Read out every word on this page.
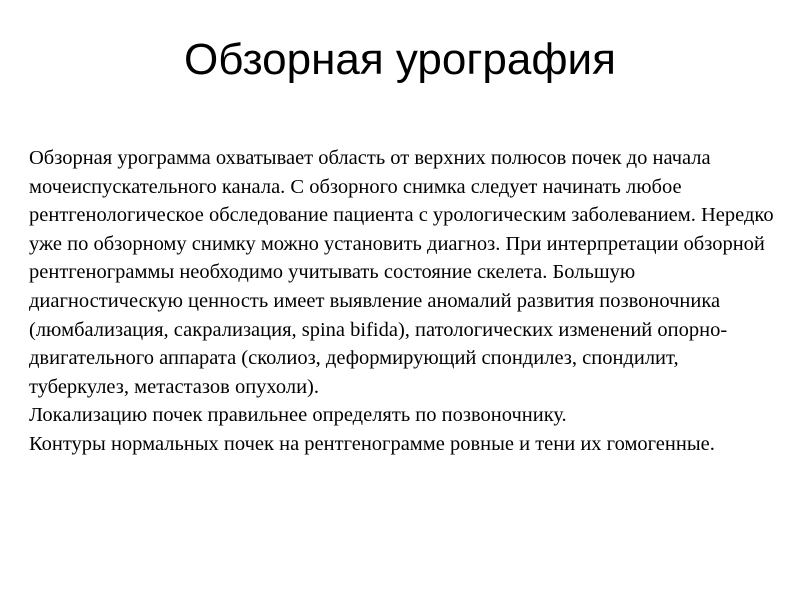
Обзорная урография

Обзорная урограмма охватывает область от верхних полюсов почек до начала мочеиспускательного канала. С обзорного снимка следует начинать любое рентгенологическое обследование пациента с урологическим заболеванием. Нередко уже по обзорному снимку можно установить диагноз. При интерпретации обзорной рентгенограммы необходимо учитывать состояние скелета. Большую диагностическую ценность имеет выявление аномалий развития позвоночника (люмбализация, сакрализация, spina bifida), патологических изменений опорно-двигательного аппарата (сколиоз, деформирующий спондилез, спондилит, туберкулез, метастазов опухоли).

Локализацию почек правильнее определять по позвоночнику.

Контуры нормальных почек на рентгенограмме ровные и тени их гомогенные.
